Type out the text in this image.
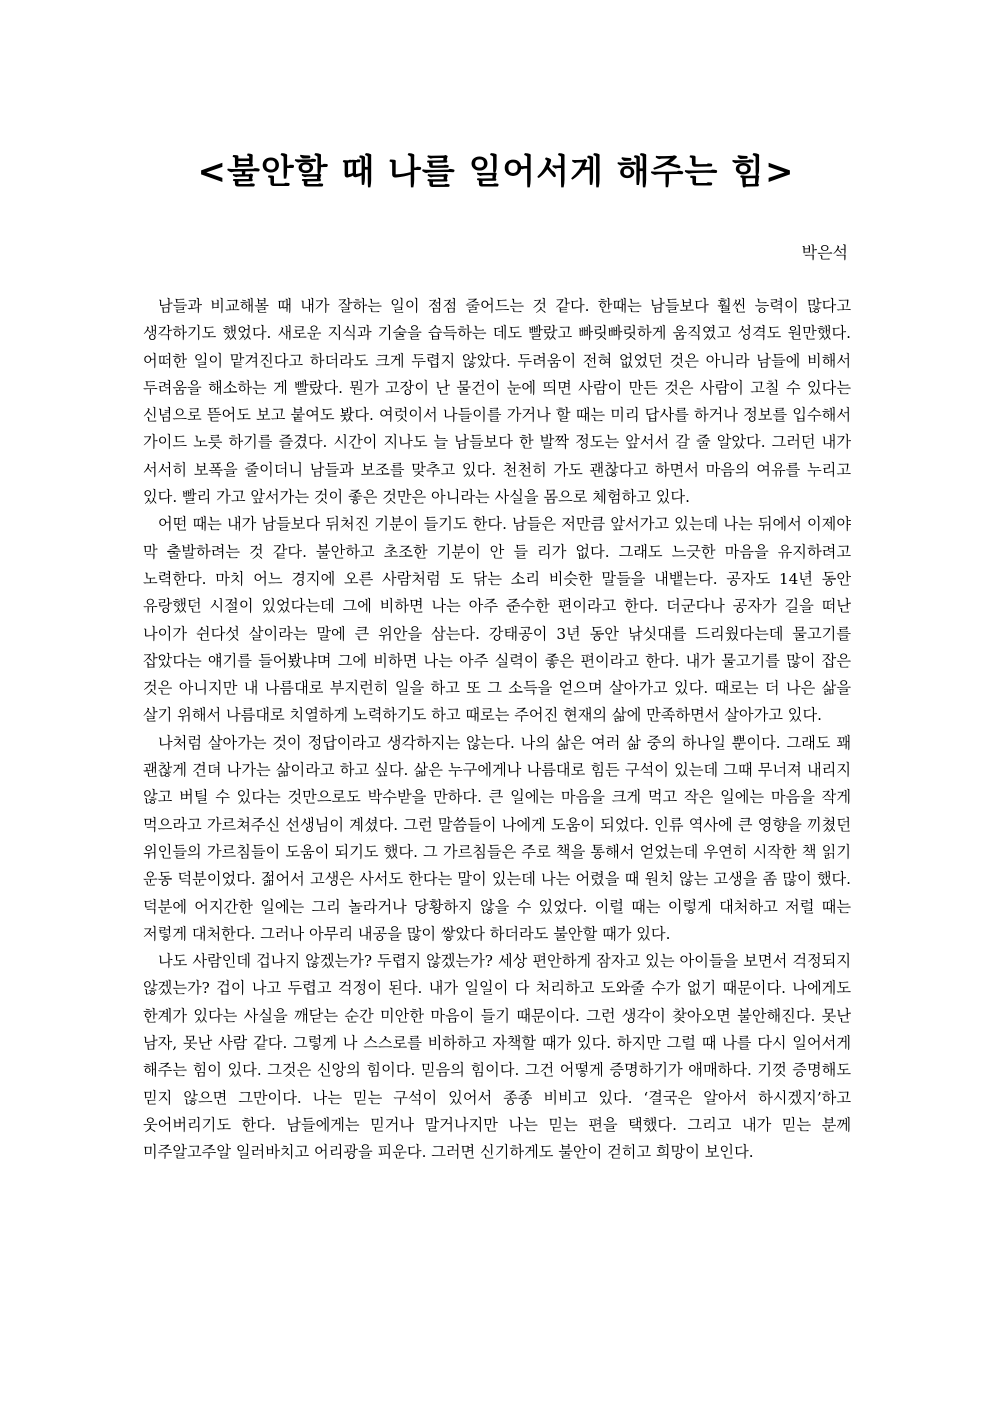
<불안할 때 나를 일어서게 해주는 힘>
박은석

남들과 비교해볼 때 내가 잘하는 일이 점점 줄어드는 것 같다. 한때는 남들보다 훨씬 능력이 많다고 생각하기도 했었다. 새로운 지식과 기술을 습득하는 데도 빨랐고 빠릿빠릿하게 움직였고 성격도 원만했다. 어떠한 일이 맡겨진다고 하더라도 크게 두렵지 않았다. 두려움이 전혀 없었던 것은 아니라 남들에 비해서 두려움을 해소하는 게 빨랐다. 뭔가 고장이 난 물건이 눈에 띄면 사람이 만든 것은 사람이 고칠 수 있다는 신념으로 뜯어도 보고 붙여도 봤다. 여럿이서 나들이를 가거나 할 때는 미리 답사를 하거나 정보를 입수해서 가이드 노릇 하기를 즐겼다. 시간이 지나도 늘 남들보다 한 발짝 정도는 앞서서 갈 줄 알았다. 그러던 내가 서서히 보폭을 줄이더니 남들과 보조를 맞추고 있다. 천천히 가도 괜찮다고 하면서 마음의 여유를 누리고 있다. 빨리 가고 앞서가는 것이 좋은 것만은 아니라는 사실을 몸으로 체험하고 있다.

어떤 때는 내가 남들보다 뒤처진 기분이 들기도 한다. 남들은 저만큼 앞서가고 있는데 나는 뒤에서 이제야 막 출발하려는 것 같다. 불안하고 초조한 기분이 안 들 리가 없다. 그래도 느긋한 마음을 유지하려고 노력한다. 마치 어느 경지에 오른 사람처럼 도 닦는 소리 비슷한 말들을 내뱉는다. 공자도 14년 동안 유랑했던 시절이 있었다는데 그에 비하면 나는 아주 준수한 편이라고 한다. 더군다나 공자가 길을 떠난 나이가 쉰다섯 살이라는 말에 큰 위안을 삼는다. 강태공이 3년 동안 낚싯대를 드리웠다는데 물고기를 잡았다는 얘기를 들어봤냐며 그에 비하면 나는 아주 실력이 좋은 편이라고 한다. 내가 물고기를 많이 잡은 것은 아니지만 내 나름대로 부지런히 일을 하고 또 그 소득을 얻으며 살아가고 있다. 때로는 더 나은 삶을 살기 위해서 나름대로 치열하게 노력하기도 하고 때로는 주어진 현재의 삶에 만족하면서 살아가고 있다.

나처럼 살아가는 것이 정답이라고 생각하지는 않는다. 나의 삶은 여러 삶 중의 하나일 뿐이다. 그래도 꽤 괜찮게 견뎌 나가는 삶이라고 하고 싶다. 삶은 누구에게나 나름대로 힘든 구석이 있는데 그때 무너져 내리지 않고 버틸 수 있다는 것만으로도 박수받을 만하다. 큰 일에는 마음을 크게 먹고 작은 일에는 마음을 작게 먹으라고 가르쳐주신 선생님이 계셨다. 그런 말씀들이 나에게 도움이 되었다. 인류 역사에 큰 영향을 끼쳤던 위인들의 가르침들이 도움이 되기도 했다. 그 가르침들은 주로 책을 통해서 얻었는데 우연히 시작한 책 읽기 운동 덕분이었다. 젊어서 고생은 사서도 한다는 말이 있는데 나는 어렸을 때 원치 않는 고생을 좀 많이 했다. 덕분에 어지간한 일에는 그리 놀라거나 당황하지 않을 수 있었다. 이럴 때는 이렇게 대처하고 저럴 때는 저렇게 대처한다. 그러나 아무리 내공을 많이 쌓았다 하더라도 불안할 때가 있다.

나도 사람인데 겁나지 않겠는가? 두렵지 않겠는가? 세상 편안하게 잠자고 있는 아이들을 보면서 걱정되지 않겠는가? 겁이 나고 두렵고 걱정이 된다. 내가 일일이 다 처리하고 도와줄 수가 없기 때문이다. 나에게도 한계가 있다는 사실을 깨닫는 순간 미안한 마음이 들기 때문이다. 그런 생각이 찾아오면 불안해진다. 못난 남자, 못난 사람 같다. 그렇게 나 스스로를 비하하고 자책할 때가 있다. 하지만 그럴 때 나를 다시 일어서게 해주는 힘이 있다. 그것은 신앙의 힘이다. 믿음의 힘이다. 그건 어떻게 증명하기가 애매하다. 기껏 증명해도 믿지 않으면 그만이다. 나는 믿는 구석이 있어서 종종 비비고 있다. ‘결국은 알아서 하시겠지’하고 웃어버리기도 한다. 남들에게는 믿거나 말거나지만 나는 믿는 편을 택했다. 그리고 내가 믿는 분께 미주알고주알 일러바치고 어리광을 피운다. 그러면 신기하게도 불안이 걷히고 희망이 보인다.
